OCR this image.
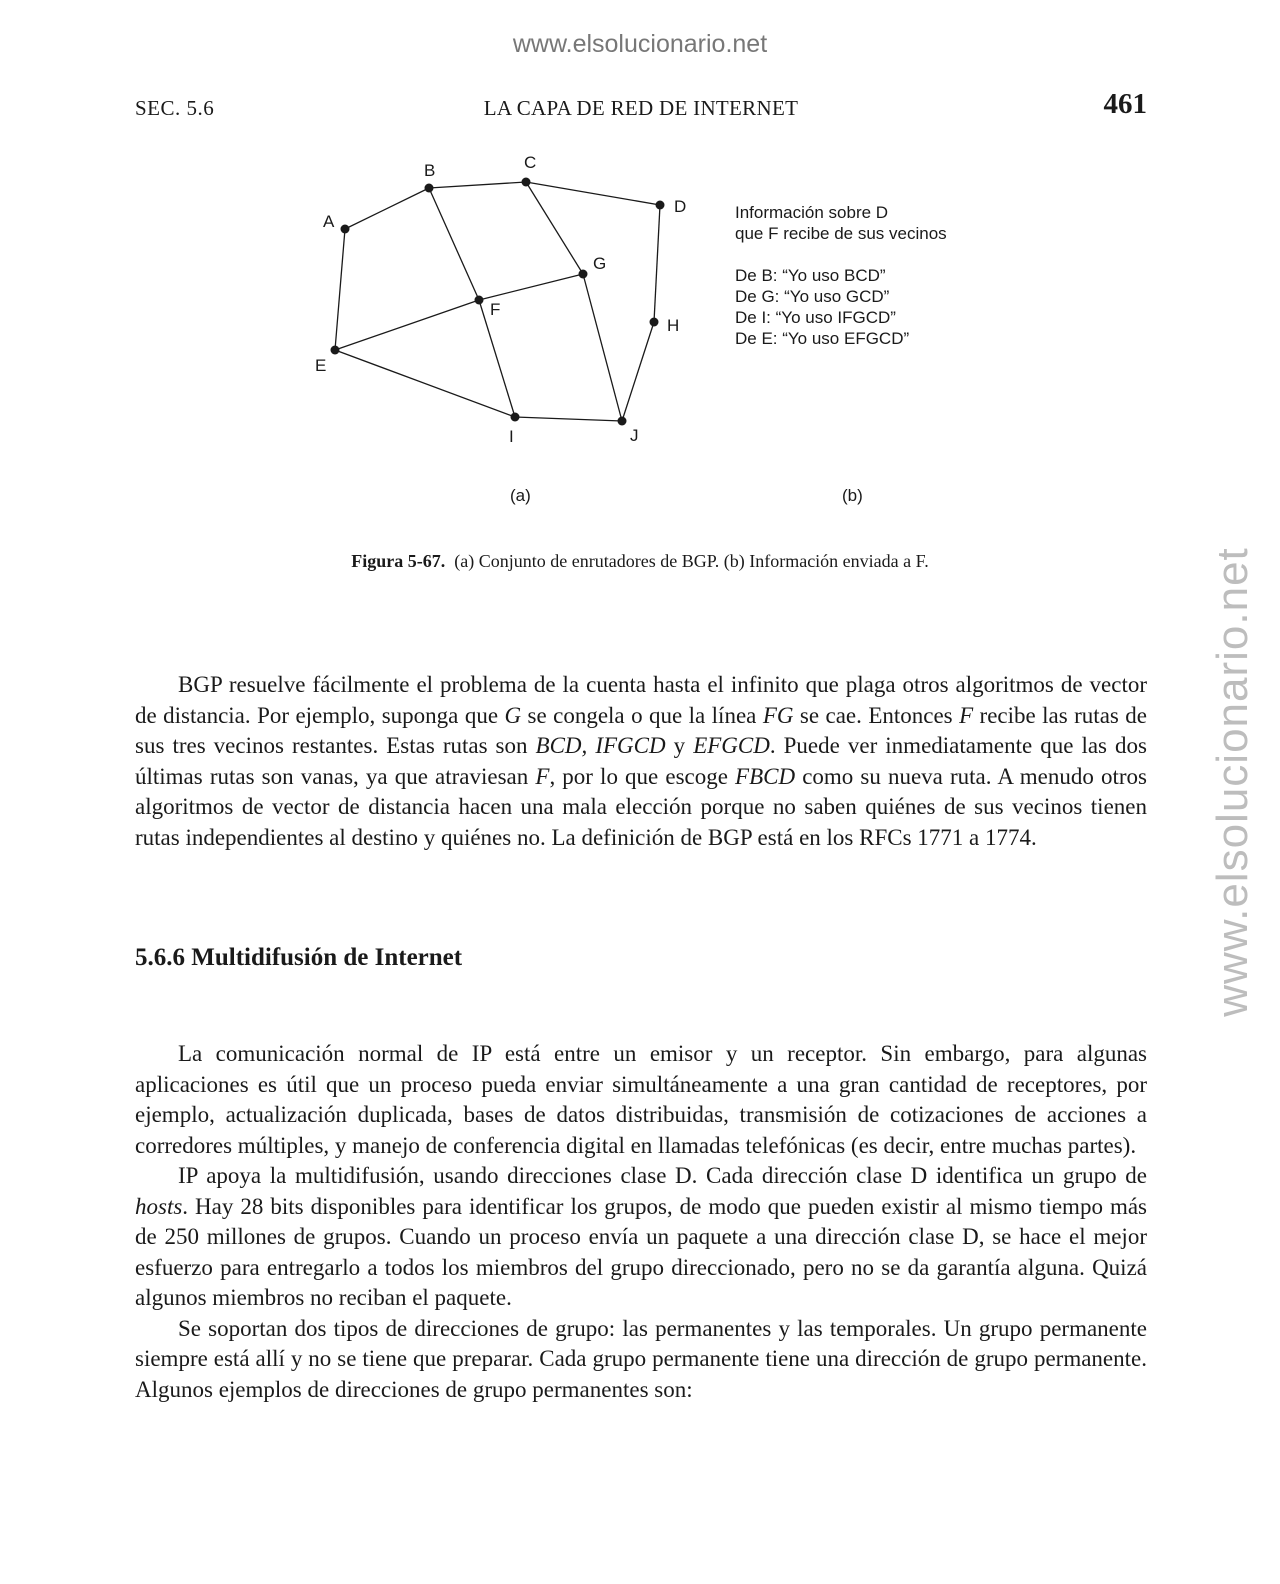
www.elsolucionario.net
www.elsolucionario.net
SEC. 5.6	LA CAPA DE RED DE INTERNET	461
A
B	C
D
E
F
G
H
I	J
(a)	(b)
Información sobre D
que F recibe de sus vecinos
De B: “Yo uso BCD”
De G: “Yo uso GCD”
De I: “Yo uso IFGCD”
De E: “Yo uso EFGCD”
Figura 5-67. (a) Conjunto de enrutadores de BGP. (b) Información enviada a F.

BGP resuelve fácilmente el problema de la cuenta hasta el infinito que plaga otros algoritmos de vector de distancia. Por ejemplo, suponga que G se congela o que la línea FG se cae. Entonces F recibe las rutas de sus tres vecinos restantes. Estas rutas son BCD, IFGCD y EFGCD. Puede ver inmediatamente que las dos últimas rutas son vanas, ya que atraviesan F, por lo que escoge FBCD como su nueva ruta. A menudo otros algoritmos de vector de distancia hacen una mala elección porque no saben quiénes de sus vecinos tienen rutas independientes al destino y quiénes no. La definición de BGP está en los RFCs 1771 a 1774.

5.6.6 Multidifusión de Internet

La comunicación normal de IP está entre un emisor y un receptor. Sin embargo, para algunas aplicaciones es útil que un proceso pueda enviar simultáneamente a una gran cantidad de receptores, por ejemplo, actualización duplicada, bases de datos distribuidas, transmisión de cotizaciones de acciones a corredores múltiples, y manejo de conferencia digital en llamadas telefónicas (es decir, entre muchas partes).

IP apoya la multidifusión, usando direcciones clase D. Cada dirección clase D identifica un grupo de hosts. Hay 28 bits disponibles para identificar los grupos, de modo que pueden existir al mismo tiempo más de 250 millones de grupos. Cuando un proceso envía un paquete a una dirección clase D, se hace el mejor esfuerzo para entregarlo a todos los miembros del grupo direccionado, pero no se da garantía alguna. Quizá algunos miembros no reciban el paquete.

Se soportan dos tipos de direcciones de grupo: las permanentes y las temporales. Un grupo permanente siempre está allí y no se tiene que preparar. Cada grupo permanente tiene una dirección de grupo permanente. Algunos ejemplos de direcciones de grupo permanentes son:
